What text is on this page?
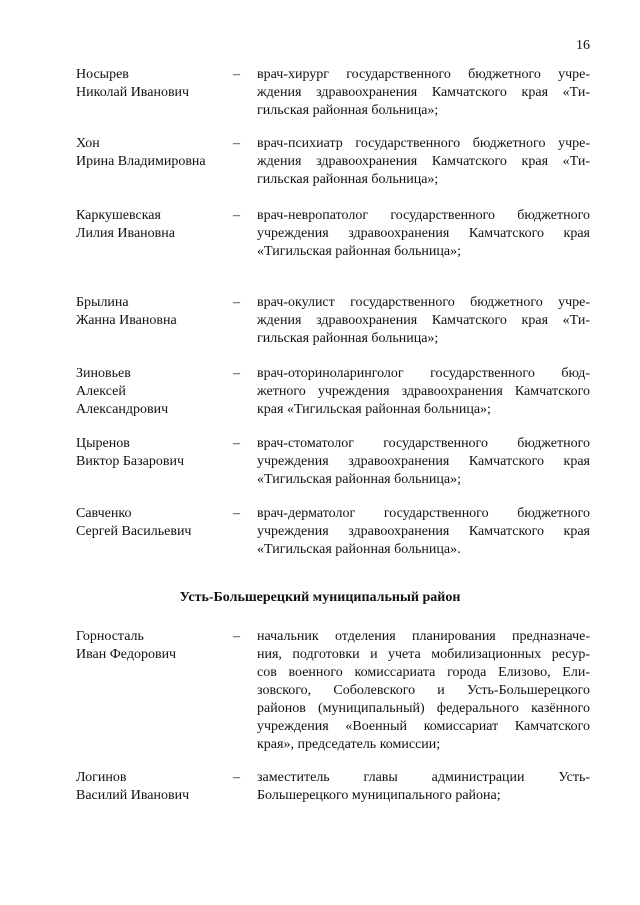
16
Носырев
Николай Иванович
– врач-хирург государственного бюджетного учре-
ждения здравоохранения Камчатского края «Ти-
гильская районная больница»;
Хон
Ирина Владимировна
– врач-психиатр государственного бюджетного учре-
ждения здравоохранения Камчатского края «Ти-
гильская районная больница»;
Каркушевская
Лилия Ивановна
– врач-невропатолог государственного бюджетного
учреждения здравоохранения Камчатского края
«Тигильская районная больница»;
Брылина
Жанна Ивановна
– врач-окулист государственного бюджетного учре-
ждения здравоохранения Камчатского края «Ти-
гильская районная больница»;
Зиновьев
Алексей
Александрович
– врач-оториноларинголог государственного бюд-
жетного учреждения здравоохранения Камчатского
края «Тигильская районная больница»;
Цыренов
Виктор Базарович
– врач-стоматолог государственного бюджетного
учреждения здравоохранения Камчатского края
«Тигильская районная больница»;
Савченко
Сергей Васильевич
– врач-дерматолог государственного бюджетного
учреждения здравоохранения Камчатского края
«Тигильская районная больница».
Усть-Большерецкий муниципальный район
Горносталь
Иван Федорович
– начальник отделения планирования предназначе-
ния, подготовки и учета мобилизационных ресур-
сов военного комиссариата города Елизово, Ели-
зовского, Соболевского и Усть-Большерецкого
районов (муниципальный) федерального казённого
учреждения «Военный комиссариат Камчатского
края», председатель комиссии;
Логинов
Василий Иванович
– заместитель главы администрации Усть-
Большерецкого муниципального района;
